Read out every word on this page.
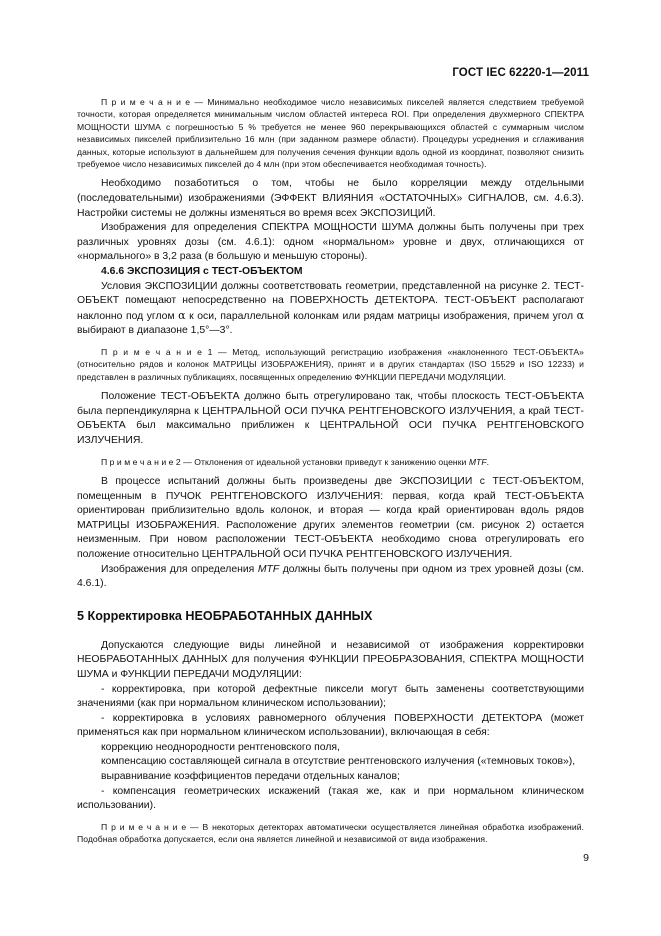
ГОСТ IEC 62220-1—2011

П р и м е ч а н и е — Минимально необходимое число независимых пикселей является следствием требуемой точности, которая определяется минимальным числом областей интереса ROI. При определения двухмерного СПЕКТРА МОЩНОСТИ ШУМА с погрешностью 5 % требуется не менее 960 перекрывающихся областей с суммарным числом независимых пикселей приблизительно 16 млн (при заданном размере области). Процедуры усреднения и сглаживания данных, которые используют в дальнейшем для получения сечения функции вдоль одной из координат, позволяют снизить требуемое число независимых пикселей до 4 млн (при этом обеспечивается необходимая точность).

Необходимо позаботиться о том, чтобы не было корреляции между отдельными (последовательными) изображениями (ЭФФЕКТ ВЛИЯНИЯ «ОСТАТОЧНЫХ» СИГНАЛОВ, см. 4.6.3). Настройки системы не должны изменяться во время всех ЭКСПОЗИЦИЙ.

Изображения для определения СПЕКТРА МОЩНОСТИ ШУМА должны быть получены при трех различных уровнях дозы (см. 4.6.1): одном «нормальном» уровне и двух, отличающихся от «нормального» в 3,2 раза (в большую и меньшую стороны).

4.6.6 ЭКСПОЗИЦИЯ с ТЕСТ-ОБЪЕКТОМ

Условия ЭКСПОЗИЦИИ должны соответствовать геометрии, представленной на рисунке 2. ТЕСТ-ОБЪЕКТ помещают непосредственно на ПОВЕРХНОСТЬ ДЕТЕКТОРА. ТЕСТ-ОБЪЕКТ располагают наклонно под углом α к оси, параллельной колонкам или рядам матрицы изображения, причем угол α выбирают в диапазоне 1,5°—3°.

П р и м е ч а н и е 1 — Метод, использующий регистрацию изображения «наклоненного ТЕСТ-ОБЪЕКТА» (относительно рядов и колонок МАТРИЦЫ ИЗОБРАЖЕНИЯ), принят и в других стандартах (ISO 15529 и ISO 12233) и представлен в различных публикациях, посвященных определению ФУНКЦИИ ПЕРЕДАЧИ МОДУЛЯЦИИ.

Положение ТЕСТ-ОБЪЕКТА должно быть отрегулировано так, чтобы плоскость ТЕСТ-ОБЪЕКТА была перпендикулярна к ЦЕНТРАЛЬНОЙ ОСИ ПУЧКА РЕНТГЕНОВСКОГО ИЗЛУЧЕНИЯ, а край ТЕСТ-ОБЪЕКТА был максимально приближен к ЦЕНТРАЛЬНОЙ ОСИ ПУЧКА РЕНТГЕНОВСКОГО ИЗЛУЧЕНИЯ.

П р и м е ч а н и е 2 — Отклонения от идеальной установки приведут к занижению оценки MTF.

В процессе испытаний должны быть произведены две ЭКСПОЗИЦИИ с ТЕСТ-ОБЪЕКТОМ, помещенным в ПУЧОК РЕНТГЕНОВСКОГО ИЗЛУЧЕНИЯ: первая, когда край ТЕСТ-ОБЪЕКТА ориентирован приблизительно вдоль колонок, и вторая — когда край ориентирован вдоль рядов МАТРИЦЫ ИЗОБРАЖЕНИЯ. Расположение других элементов геометрии (см. рисунок 2) остается неизменным. При новом расположении ТЕСТ-ОБЪЕКТА необходимо снова отрегулировать его положение относительно ЦЕНТРАЛЬНОЙ ОСИ ПУЧКА РЕНТГЕНОВСКОГО ИЗЛУЧЕНИЯ.

Изображения для определения MTF должны быть получены при одном из трех уровней дозы (см. 4.6.1).

5 Корректировка НЕОБРАБОТАННЫХ ДАННЫХ

Допускаются следующие виды линейной и независимой от изображения корректировки НЕОБРАБОТАННЫХ ДАННЫХ для получения ФУНКЦИИ ПРЕОБРАЗОВАНИЯ, СПЕКТРА МОЩНОСТИ ШУМА и ФУНКЦИИ ПЕРЕДАЧИ МОДУЛЯЦИИ:

- корректировка, при которой дефектные пиксели могут быть заменены соответствующими значениями (как при нормальном клиническом использовании);

- корректировка в условиях равномерного облучения ПОВЕРХНОСТИ ДЕТЕКТОРА (может применяться как при нормальном клиническом использовании), включающая в себя:

коррекцию неоднородности рентгеновского поля,

компенсацию составляющей сигнала в отсутствие рентгеновского излучения («темновых токов»),

выравнивание коэффициентов передачи отдельных каналов;

- компенсация геометрических искажений (такая же, как и при нормальном клиническом использовании).

П р и м е ч а н и е — В некоторых детекторах автоматически осуществляется линейная обработка изображений. Подобная обработка допускается, если она является линейной и независимой от вида изображения.

9
